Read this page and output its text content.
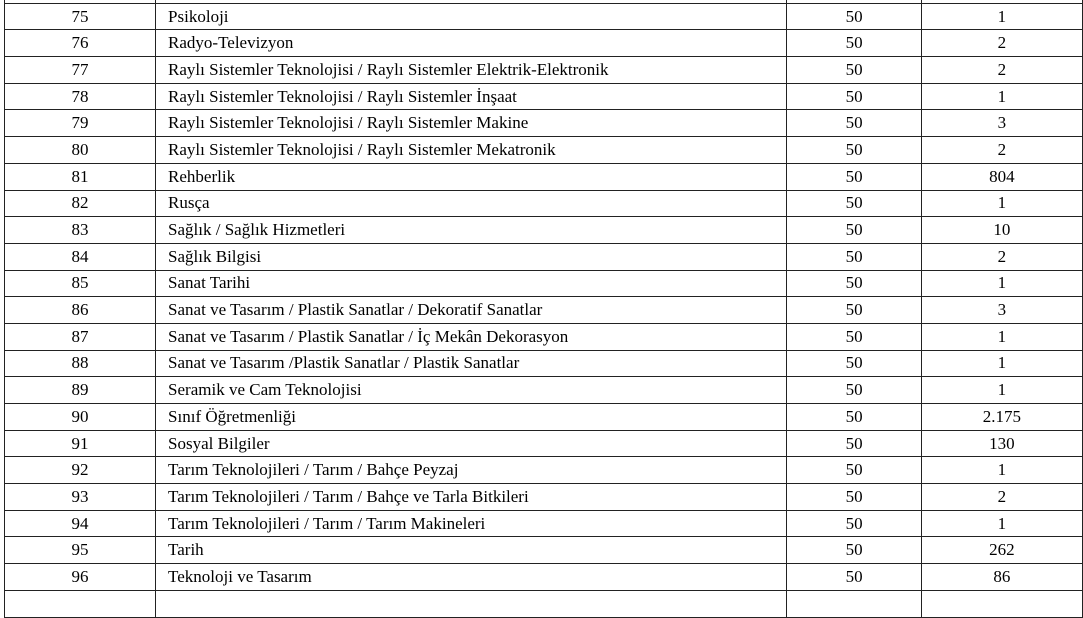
75	Psikoloji	50	1
76	Radyo-Televizyon	50	2
77	Raylı Sistemler Teknolojisi / Raylı Sistemler Elektrik-Elektronik	50	2
78	Raylı Sistemler Teknolojisi / Raylı Sistemler İnşaat	50	1
79	Raylı Sistemler Teknolojisi / Raylı Sistemler Makine	50	3
80	Raylı Sistemler Teknolojisi / Raylı Sistemler Mekatronik	50	2
81	Rehberlik	50	804
82	Rusça	50	1
83	Sağlık / Sağlık Hizmetleri	50	10
84	Sağlık Bilgisi	50	2
85	Sanat Tarihi	50	1
86	Sanat ve Tasarım / Plastik Sanatlar / Dekoratif Sanatlar	50	3
87	Sanat ve Tasarım / Plastik Sanatlar / İç Mekân Dekorasyon	50	1
88	Sanat ve Tasarım /Plastik Sanatlar / Plastik Sanatlar	50	1
89	Seramik ve Cam Teknolojisi	50	1
90	Sınıf Öğretmenliği	50	2.175
91	Sosyal Bilgiler	50	130
92	Tarım Teknolojileri / Tarım / Bahçe Peyzaj	50	1
93	Tarım Teknolojileri / Tarım / Bahçe ve Tarla Bitkileri	50	2
94	Tarım Teknolojileri / Tarım / Tarım Makineleri	50	1
95	Tarih	50	262
96	Teknoloji ve Tasarım	50	86
